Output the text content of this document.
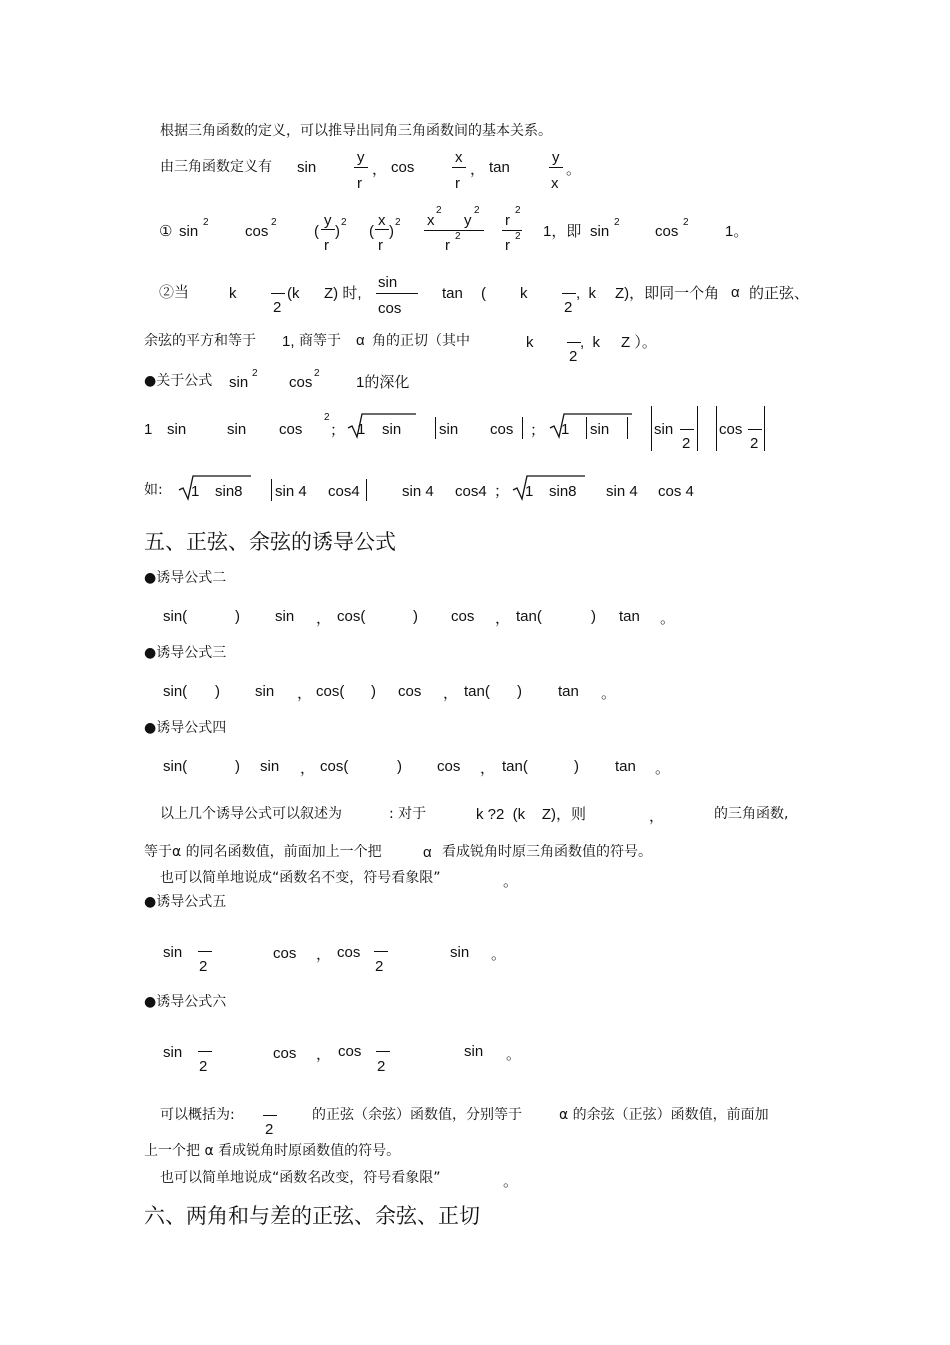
根据三角函数的定义，可以推导出同角三角函数间的基本关系。
由三角函数定义有 sin
y
r
， cos
x
r
， tan
y
x
。
① sin
2
cos
2
(
y
r
)
2
(
x
r
)
2 x
2
y
2
r
2
r
2
r
2 1，即 sin
2
cos
2
1。
②当	k
2
(k Z) 时,
sin
cos
tan ( k
2
,  k Z)，即同一个角 α 的正弦、
余弦的平方和等于 1, 商等于 α 角的正切（其中	k
2
,  k Z ）。
●关于公式 sin
2
cos
2
1的深化
1 sin	sin cos
2
； 1 sin	sin cos ； 1 sin	sin
2
cos
2
如: 1 sin8 sin 4 cos4	sin 4 cos4 ； 1 sin8 sin 4 cos 4
五、正弦、余弦的诱导公式
●诱导公式二
sin(	) sin ， cos(	) cos ， tan(	) tan 。
●诱导公式三
sin( ) sin ， cos( ) cos ， tan( ) tan 。
●诱导公式四
sin(	) sin ， cos(	) cos ， tan(	) tan 。
以上几个诱导公式可以叙述为	: 对于	k ?2  (k    Z)，则	，	的三角函数,
等于α 的同名函数值，前面加上一个把	α 看成锐角时原三角函数值的符号。
也可以简单地说成“函数名不变，符号看象限”	。
●诱导公式五
sin
2
cos ， cos
2
sin 。
●诱导公式六
sin
2
cos ， cos
2
sin 。
可以概括为:
2
的正弦（余弦）函数值，分别等于	α 的余弦（正弦）函数值，前面加
上一个把 α 看成锐角时原函数值的符号。
也可以简单地说成“函数名改变，符号看象限”	。
六、两角和与差的正弦、余弦、正切
